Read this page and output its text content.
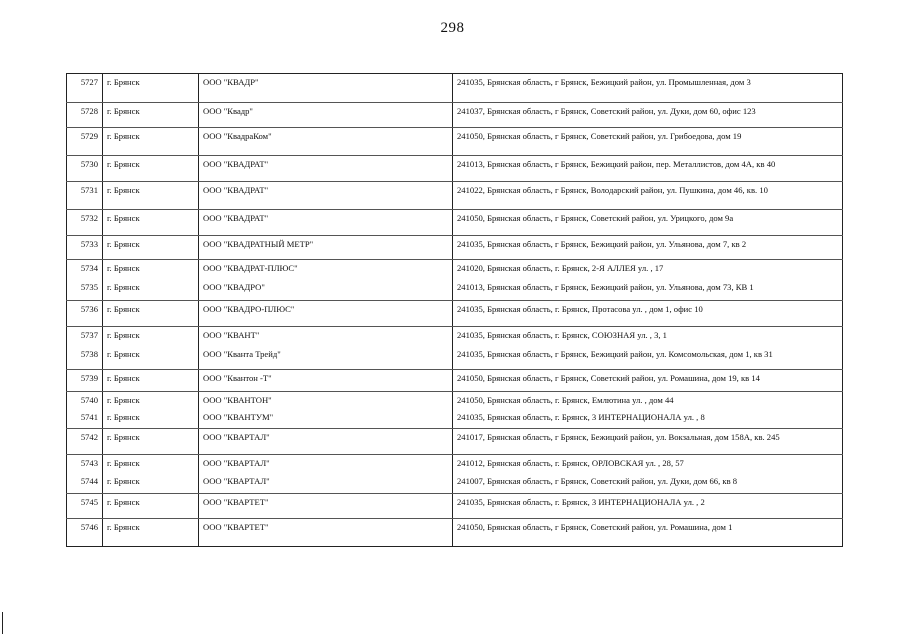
298
5727	г. Брянск	ООО "КВАДР"	241035, Брянская область, г Брянск, Бежицкий район, ул. Промышленная, дом 3
5728	г. Брянск	ООО "Квадр"	241037, Брянская область, г Брянск, Советский район, ул. Дуки, дом 60, офис 123
5729	г. Брянск	ООО "КвадраКом"	241050, Брянская область, г Брянск, Советский район, ул. Грибоедова, дом 19
5730	г. Брянск	ООО "КВАДРАТ"	241013, Брянская область, г Брянск, Бежицкий район, пер. Металлистов, дом 4А, кв 40
5731	г. Брянск	ООО "КВАДРАТ"	241022, Брянская область, г Брянск, Володарский район, ул. Пушкина, дом 46, кв. 10
5732	г. Брянск	ООО "КВАДРАТ"	241050, Брянская область, г Брянск, Советский район, ул. Урицкого, дом 9а
5733	г. Брянск	ООО "КВАДРАТНЫЙ МЕТР"	241035, Брянская область, г Брянск, Бежицкий район, ул. Ульянова, дом 7, кв 2
5734	г. Брянск	ООО "КВАДРАТ-ПЛЮС"	241020, Брянская область, г. Брянск, 2-Я АЛЛЕЯ ул. , 17
5735	г. Брянск	ООО "КВАДРО"	241013, Брянская область, г Брянск, Бежицкий район, ул. Ульянова, дом 73, КВ 1
5736	г. Брянск	ООО "КВАДРО-ПЛЮС"	241035, Брянская область, г. Брянск, Протасова ул. , дом 1, офис 10
5737	г. Брянск	ООО "КВАНТ"	241035, Брянская область, г. Брянск, СОЮЗНАЯ ул. , 3, 1
5738	г. Брянск	ООО "Кванта Трейд"	241035, Брянская область, г Брянск, Бежицкий район, ул. Комсомольская, дом 1, кв 31
5739	г. Брянск	ООО "Квантон -Т"	241050, Брянская область, г Брянск, Советский район, ул. Ромашина, дом 19, кв 14
5740	г. Брянск	ООО "КВАНТОН"	241050, Брянская область, г. Брянск, Емлютина ул. , дом 44
5741	г. Брянск	ООО "КВАНТУМ"	241035, Брянская область, г. Брянск, 3 ИНТЕРНАЦИОНАЛА ул. , 8
5742	г. Брянск	ООО "КВАРТАЛ"	241017, Брянская область, г Брянск, Бежицкий район, ул. Вокзальная, дом 158А, кв. 245
5743	г. Брянск	ООО "КВАРТАЛ"	241012, Брянская область, г. Брянск, ОРЛОВСКАЯ ул. , 28, 57
5744	г. Брянск	ООО "КВАРТАЛ"	241007, Брянская область, г Брянск, Советский район, ул. Дуки, дом 66, кв 8
5745	г. Брянск	ООО "КВАРТЕТ"	241035, Брянская область, г. Брянск, 3 ИНТЕРНАЦИОНАЛА ул. , 2
5746	г. Брянск	ООО "КВАРТЕТ"	241050, Брянская область, г Брянск, Советский район, ул. Ромашина, дом 1
